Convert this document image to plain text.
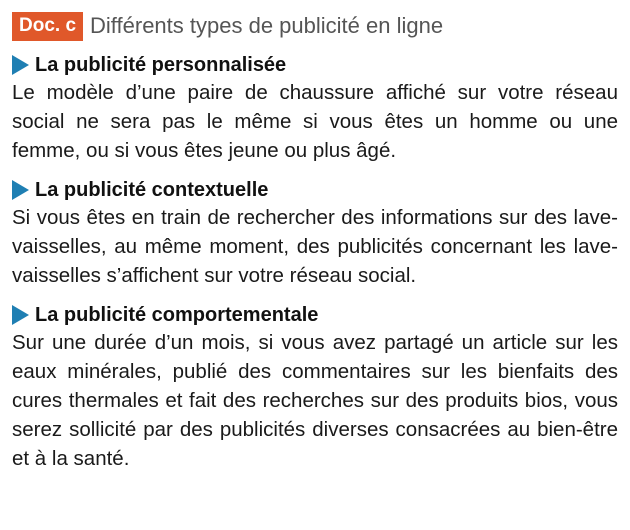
Doc. c Différents types de publicité en ligne
La publicité personnalisée

Le modèle d’une paire de chaussure affiché sur votre réseau social ne sera pas le même si vous êtes un homme ou une femme, ou si vous êtes jeune ou plus âgé.

La publicité contextuelle

Si vous êtes en train de rechercher des informations sur des lave-vaisselles, au même moment, des publicités concernant les lave-vaisselles s’affichent sur votre réseau social.

La publicité comportementale

Sur une durée d’un mois, si vous avez partagé un article sur les eaux minérales, publié des commentaires sur les bienfaits des cures thermales et fait des recherches sur des produits bios, vous serez sollicité par des publicités diverses consacrées au bien-être et à la santé.
